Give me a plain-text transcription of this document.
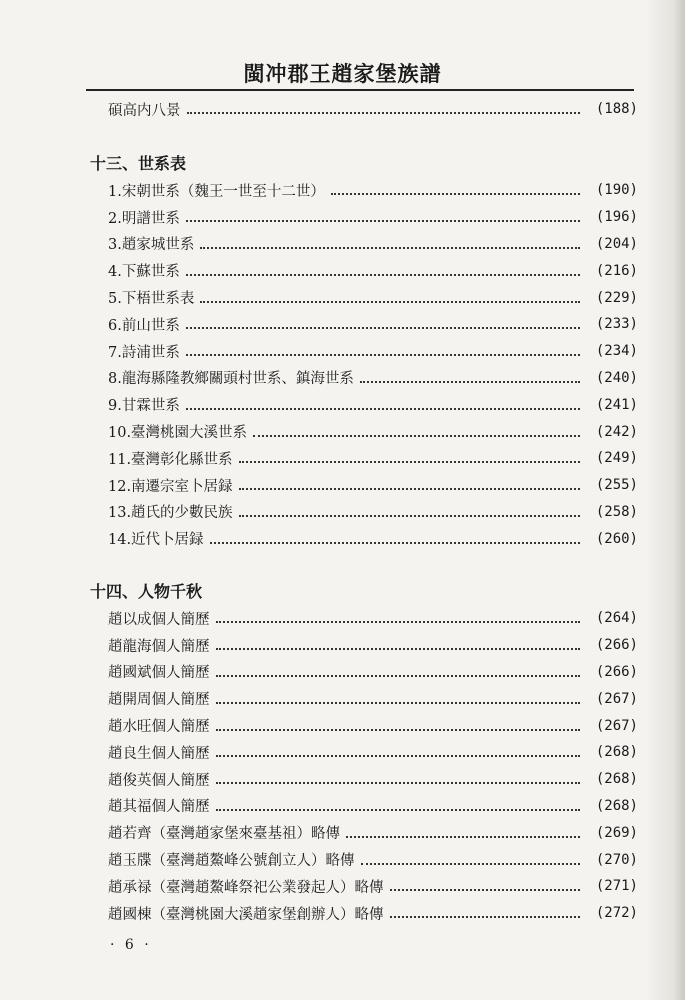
閩冲郡王趙家堡族譜
碩高内八景	(188)
十三、世系表
1.宋朝世系（魏王一世至十二世）	(190)
2.明譜世系	(196)
3.趙家城世系	(204)
4.下蘇世系	(216)
5.下梧世系表	(229)
6.前山世系	(233)
7.詩浦世系	(234)
8.龍海縣隆教鄉關頭村世系、鎮海世系	(240)
9.甘霖世系	(241)
10.臺灣桃園大溪世系	(242)
11.臺灣彰化縣世系	(249)
12.南遷宗室卜居録	(255)
13.趙氏的少數民族	(258)
14.近代卜居録	(260)
十四、人物千秋
趙以成個人簡歷	(264)
趙龍海個人簡歷	(266)
趙國斌個人簡歷	(266)
趙開周個人簡歷	(267)
趙水旺個人簡歷	(267)
趙良生個人簡歷	(268)
趙俊英個人簡歷	(268)
趙其福個人簡歷	(268)
趙若齊（臺灣趙家堡來臺基祖）略傳	(269)
趙玉牒（臺灣趙鰲峰公號創立人）略傳	(270)
趙承禄（臺灣趙鰲峰祭祀公業發起人）略傳	(271)
趙國棟（臺灣桃園大溪趙家堡創辦人）略傳	(272)
· 6 ·
